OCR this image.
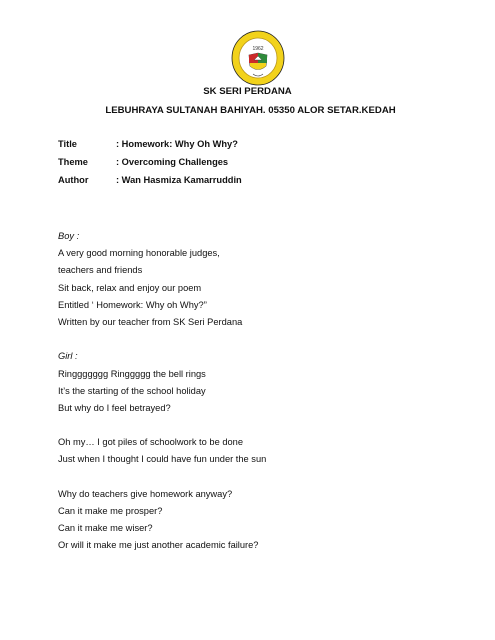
1962
SK SERI PERDANA
LEBUHRAYA SULTANAH BAHIYAH. 05350 ALOR SETAR.KEDAH
Title	: Homework: Why Oh Why?
Theme	: Overcoming Challenges
Author	: Wan Hasmiza Kamarruddin
Boy :
A very good morning honorable judges,
teachers and friends
Sit back, relax and enjoy our poem
Entitled ‘ Homework: Why oh Why?”
Written by our teacher from SK Seri Perdana
Girl :
Ringgggggg Ringgggg the bell rings
It’s the starting of the school holiday
But why do I feel betrayed?
Oh my… I got piles of schoolwork to be done
Just when I thought I could have fun under the sun
Why do teachers give homework anyway?
Can it make me prosper?
Can it make me wiser?
Or will it make me just another academic failure?
